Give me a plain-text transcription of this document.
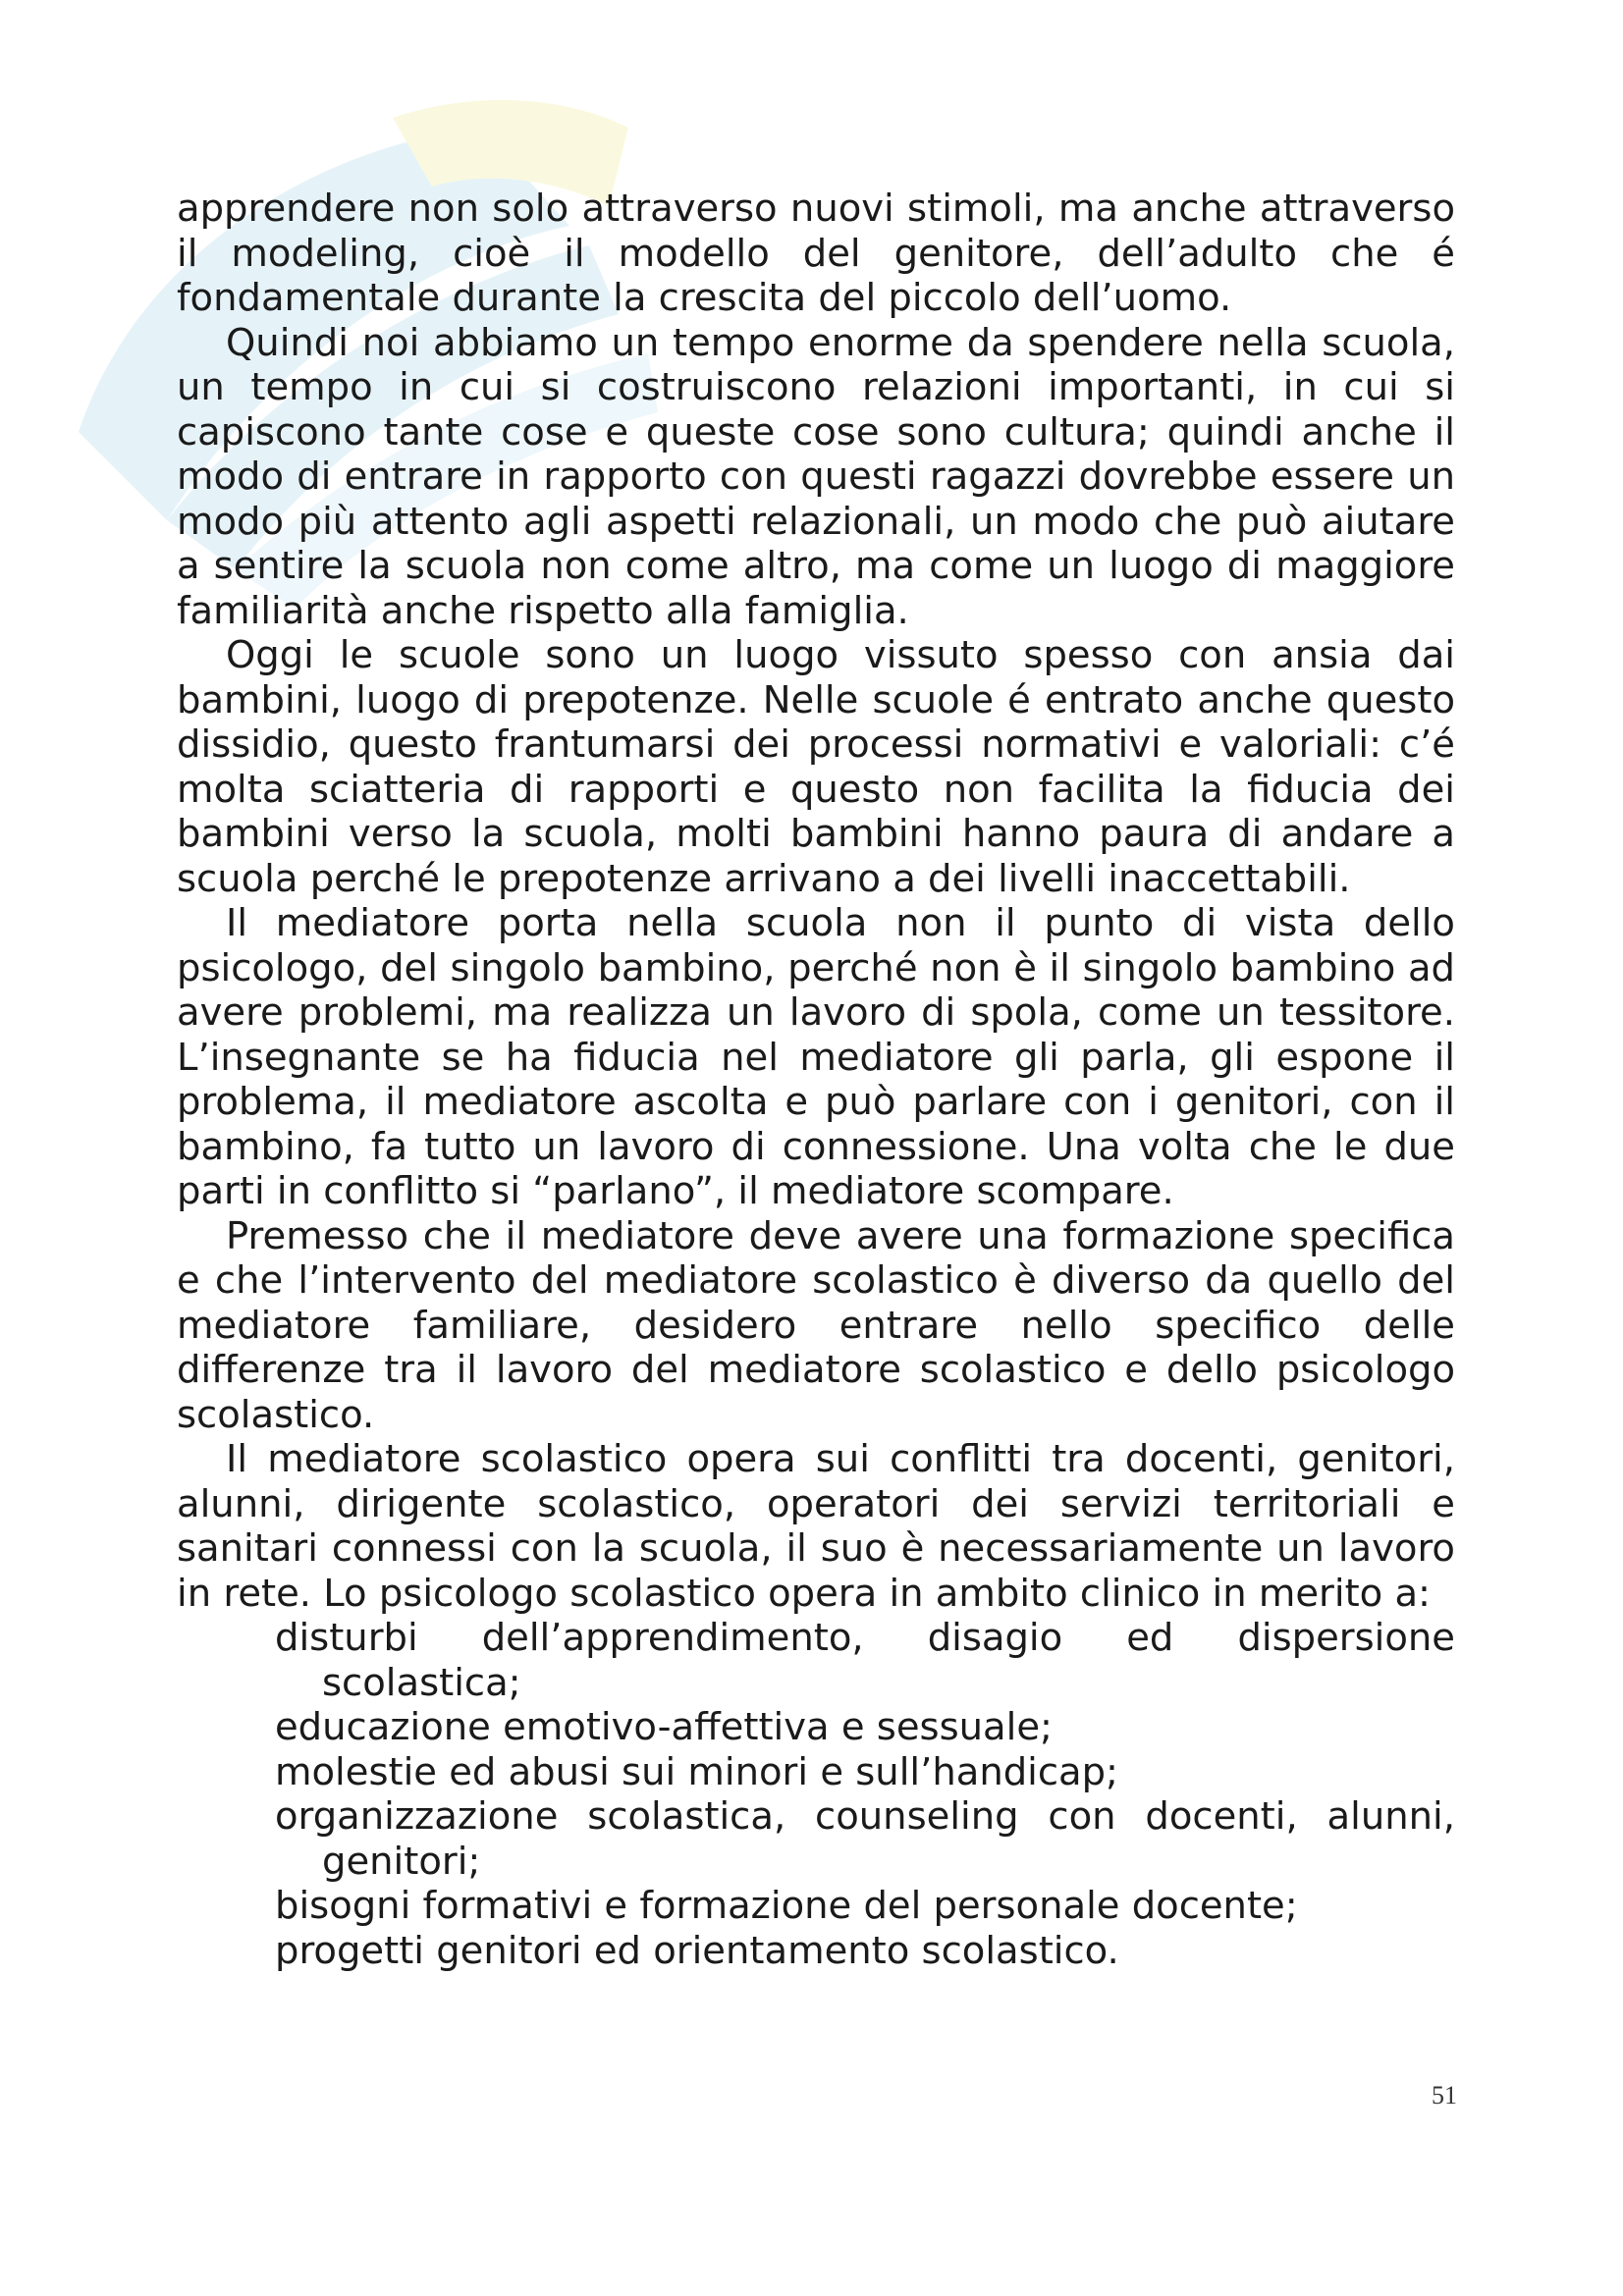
apprendere non solo attraverso nuovi stimoli, ma anche attraverso il modeling, cioè il modello del genitore, dell’adulto che é fondamentale durante la crescita del piccolo dell’uomo.

Quindi noi abbiamo un tempo enorme da spendere nella scuola, un tempo in cui si costruiscono relazioni importanti, in cui si capiscono tante cose e queste cose sono cultura; quindi anche il modo di entrare in rapporto con questi ragazzi dovrebbe essere un modo più attento agli aspetti relazionali, un modo che può aiutare a sentire la scuola non come altro, ma come un luogo di maggiore familiarità anche rispetto alla famiglia.

Oggi le scuole sono un luogo vissuto spesso con ansia dai bambini, luogo di prepotenze. Nelle scuole é entrato anche questo dissidio, questo frantumarsi dei processi normativi e valoriali: c’é molta sciatteria di rapporti e questo non facilita la fiducia dei bambini verso la scuola, molti bambini hanno paura di andare a scuola perché le prepotenze arrivano a dei livelli inaccettabili.

Il mediatore porta nella scuola non il punto di vista dello psicologo, del singolo bambino, perché non è il singolo bambino ad avere problemi, ma realizza un lavoro di spola, come un tessitore. L’insegnante se ha fiducia nel mediatore gli parla, gli espone il problema, il mediatore ascolta e può parlare con i genitori, con il bambino, fa tutto un lavoro di connessione. Una volta che le due parti in conflitto si “parlano”, il mediatore scompare.

Premesso che il mediatore deve avere una formazione specifica e che l’intervento del mediatore scolastico è diverso da quello del mediatore familiare, desidero entrare nello specifico delle differenze tra il lavoro del mediatore scolastico e dello psicologo scolastico.

Il mediatore scolastico opera sui conflitti tra docenti, genitori, alunni, dirigente scolastico, operatori dei servizi territoriali e sanitari connessi con la scuola, il suo è necessariamente un lavoro in rete. Lo psicologo scolastico opera in ambito clinico in merito a:

disturbi dell’apprendimento, disagio ed dispersione scolastica;
educazione emotivo-affettiva e sessuale;
molestie ed abusi sui minori e sull’handicap;
organizzazione scolastica, counseling con docenti, alunni, genitori;
bisogni formativi e formazione del personale docente;
progetti genitori ed orientamento scolastico.
51
